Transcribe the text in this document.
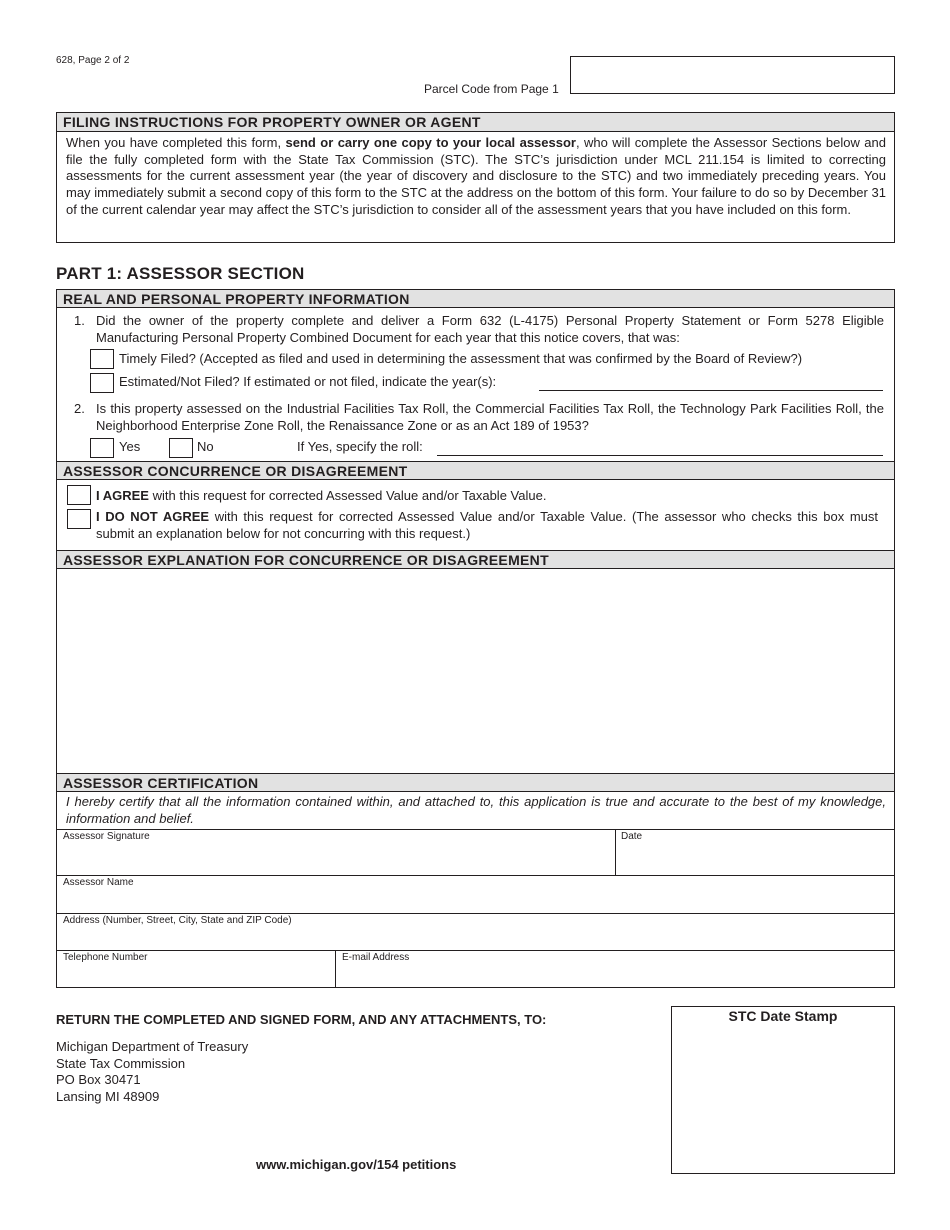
628, Page 2 of 2
Parcel Code from Page 1
FILING INSTRUCTIONS FOR PROPERTY OWNER OR AGENT

When you have completed this form, send or carry one copy to your local assessor, who will complete the Assessor Sections below and file the fully completed form with the State Tax Commission (STC). The STC’s jurisdiction under MCL 211.154 is limited to correcting assessments for the current assessment year (the year of discovery and disclosure to the STC) and two immediately preceding years. You may immediately submit a second copy of this form to the STC at the address on the bottom of this form. Your failure to do so by December 31 of the current calendar year may affect the STC’s jurisdiction to consider all of the assessment years that you have included on this form.

PART 1: ASSESSOR SECTION
REAL AND PERSONAL PROPERTY INFORMATION
1. Did the owner of the property complete and deliver a Form 632 (L-4175) Personal Property Statement or Form 5278 Eligible Manufacturing Personal Property Combined Document for each year that this notice covers, that was:
Timely Filed? (Accepted as filed and used in determining the assessment that was confirmed by the Board of Review?)
Estimated/Not Filed? If estimated or not filed, indicate the year(s):
2. Is this property assessed on the Industrial Facilities Tax Roll, the Commercial Facilities Tax Roll, the Technology Park Facilities Roll, the Neighborhood Enterprise Zone Roll, the Renaissance Zone or as an Act 189 of 1953?
Yes	No	If Yes, specify the roll:
ASSESSOR CONCURRENCE OR DISAGREEMENT
I AGREE with this request for corrected Assessed Value and/or Taxable Value.
I DO NOT AGREE with this request for corrected Assessed Value and/or Taxable Value. (The assessor who checks this box must submit an explanation below for not concurring with this request.)
ASSESSOR EXPLANATION FOR CONCURRENCE OR DISAGREEMENT
ASSESSOR CERTIFICATION
I hereby certify that all the information contained within, and attached to, this application is true and accurate to the best of my knowledge, information and belief.
Assessor Signature	Date
Assessor Name
Address (Number, Street, City, State and ZIP Code)
Telephone Number	E-mail Address
RETURN THE COMPLETED AND SIGNED FORM, AND ANY ATTACHMENTS, TO:
Michigan Department of Treasury
State Tax Commission
PO Box 30471
Lansing MI 48909
www.michigan.gov/154 petitions
STC Date Stamp
